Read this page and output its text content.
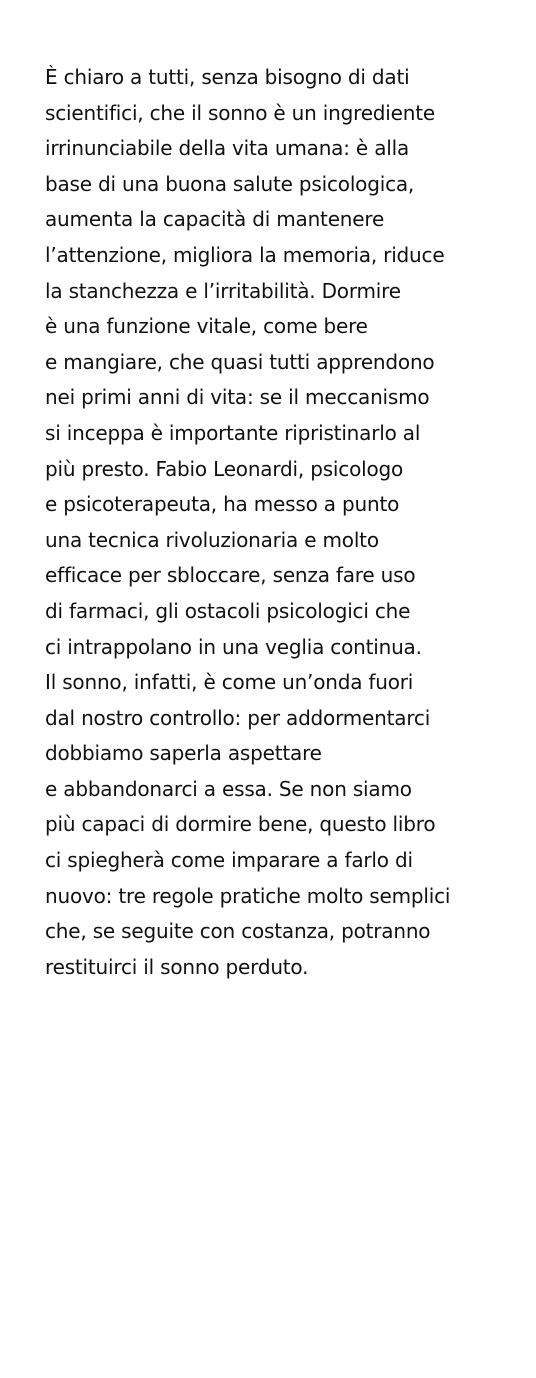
È chiaro a tutti, senza bisogno di dati
scientifici, che il sonno è un ingrediente
irrinunciabile della vita umana: è alla
base di una buona salute psicologica,
aumenta la capacità di mantenere
l’attenzione, migliora la memoria, riduce
la stanchezza e l’irritabilità. Dormire
è una funzione vitale, come bere
e mangiare, che quasi tutti apprendono
nei primi anni di vita: se il meccanismo
si inceppa è importante ripristinarlo al
più presto. Fabio Leonardi, psicologo
e psicoterapeuta, ha messo a punto
una tecnica rivoluzionaria e molto
efficace per sbloccare, senza fare uso
di farmaci, gli ostacoli psicologici che
ci intrappolano in una veglia continua.
Il sonno, infatti, è come un’onda fuori
dal nostro controllo: per addormentarci
dobbiamo saperla aspettare
e abbandonarci a essa. Se non siamo
più capaci di dormire bene, questo libro
ci spiegherà come imparare a farlo di
nuovo: tre regole pratiche molto semplici
che, se seguite con costanza, potranno
restituirci il sonno perduto.
